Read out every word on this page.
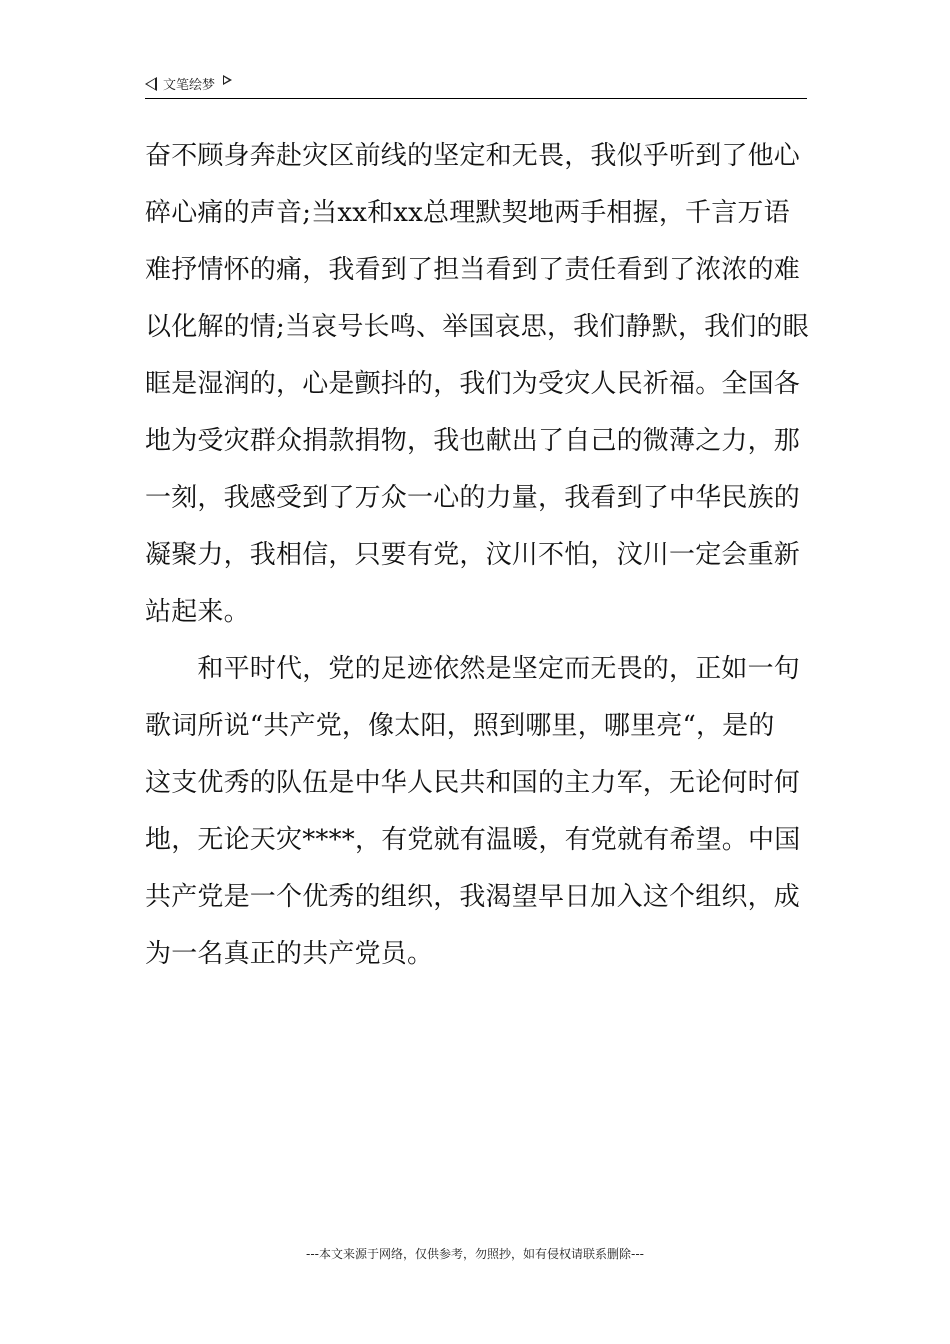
文笔绘梦
奋不顾身奔赴灾区前线的坚定和无畏，我似乎听到了他心
碎心痛的声音;当xx和xx总理默契地两手相握，千言万语
难抒情怀的痛，我看到了担当看到了责任看到了浓浓的难
以化解的情;当哀号长鸣、举国哀思，我们静默，我们的眼
眶是湿润的，心是颤抖的，我们为受灾人民祈福。全国各
地为受灾群众捐款捐物，我也献出了自己的微薄之力，那
一刻，我感受到了万众一心的力量，我看到了中华民族的
凝聚力，我相信，只要有党，汶川不怕，汶川一定会重新
站起来。
　　和平时代，党的足迹依然是坚定而无畏的，正如一句
歌词所说“共产党，像太阳，照到哪里，哪里亮“，是的
这支优秀的队伍是中华人民共和国的主力军，无论何时何
地，无论天灾****，有党就有温暖，有党就有希望。中国
共产党是一个优秀的组织，我渴望早日加入这个组织，成
为一名真正的共产党员。
---本文来源于网络，仅供参考，勿照抄，如有侵权请联系删除---
